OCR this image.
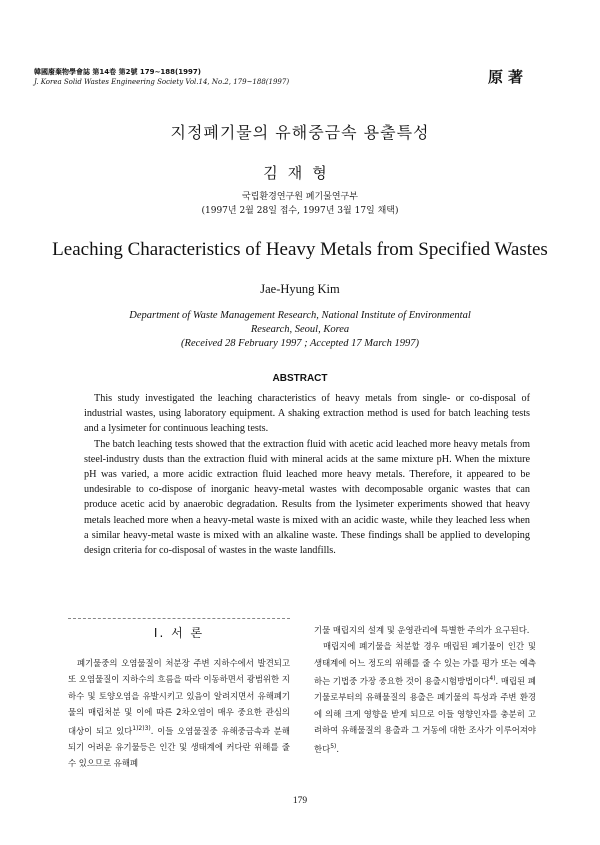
韓國廢棄物學會誌 第14卷 第2號 179~188(1997)
J. Korea Solid Wastes Engineering Society Vol.14, No.2, 179~188(1997)	原著
지정폐기물의 유해중금속 용출특성
김재형
국립환경연구원 폐기물연구부
(1997년 2월 28일 접수, 1997년 3월 17일 채택)
Leaching Characteristics of Heavy Metals from Specified Wastes
Jae-Hyung Kim
Department of Waste Management Research, National Institute of Environmental
Research, Seoul, Korea
(Received 28 February 1997 ; Accepted 17 March 1997)
ABSTRACT

This study investigated the leaching characteristics of heavy metals from single- or co-disposal of industrial wastes, using laboratory equipment. A shaking extraction method is used for batch leaching tests and a lysimeter for continuous leaching tests.

The batch leaching tests showed that the extraction fluid with acetic acid leached more heavy metals from steel-industry dusts than the extraction fluid with mineral acids at the same mixture pH. When the mixture pH was varied, a more acidic extraction fluid leached more heavy metals. Therefore, it appeared to be undesirable to co-dispose of inorganic heavy-metal wastes with decomposable organic wastes that can produce acetic acid by anaerobic degradation. Results from the lysimeter experiments showed that heavy metals leached more when a heavy-metal waste is mixed with an acidic waste, while they leached less when a similar heavy-metal waste is mixed with an alkaline waste. These findings shall be applied to developing design criteria for co-disposal of wastes in the waste landfills.

Ⅰ. 서 론

폐기물중의 오염물질이 처분장 주변 지하수에서 발견되고 또 오염물질이 지하수의 흐름을 따라 이동하면서 광범위한 지하수 및 토양오염을 유발시키고 있음이 알려지면서 유해폐기물의 매립처분 및 이에 따른 2차오염이 매우 중요한 관심의 대상이 되고 있다$^{1)2)3)}$. 이들 오염물질중 유해중금속과 분해되기 어려운 유기물등은 인간 및 생태계에 커다란 위해를 줄 수 있으므로 유해폐

기물 매립지의 설계 및 운영관리에 특별한 주의가 요구된다.

매립지에 폐기물을 처분할 경우 매립된 폐기물이 인간 및 생태계에 어느 정도의 위해를 줄 수 있는 가를 평가 또는 예측하는 기법중 가장 중요한 것이 용출시험방법이다$^{4)}$. 매립된 폐기물로부터의 유해물질의 용출은 폐기물의 특성과 주변 환경에 의해 크게 영향을 받게 되므로 이들 영향인자를 충분히 고려하여 유해물질의 용출과 그 거동에 대한 조사가 이루어져야 한다$^{5)}$.

179
